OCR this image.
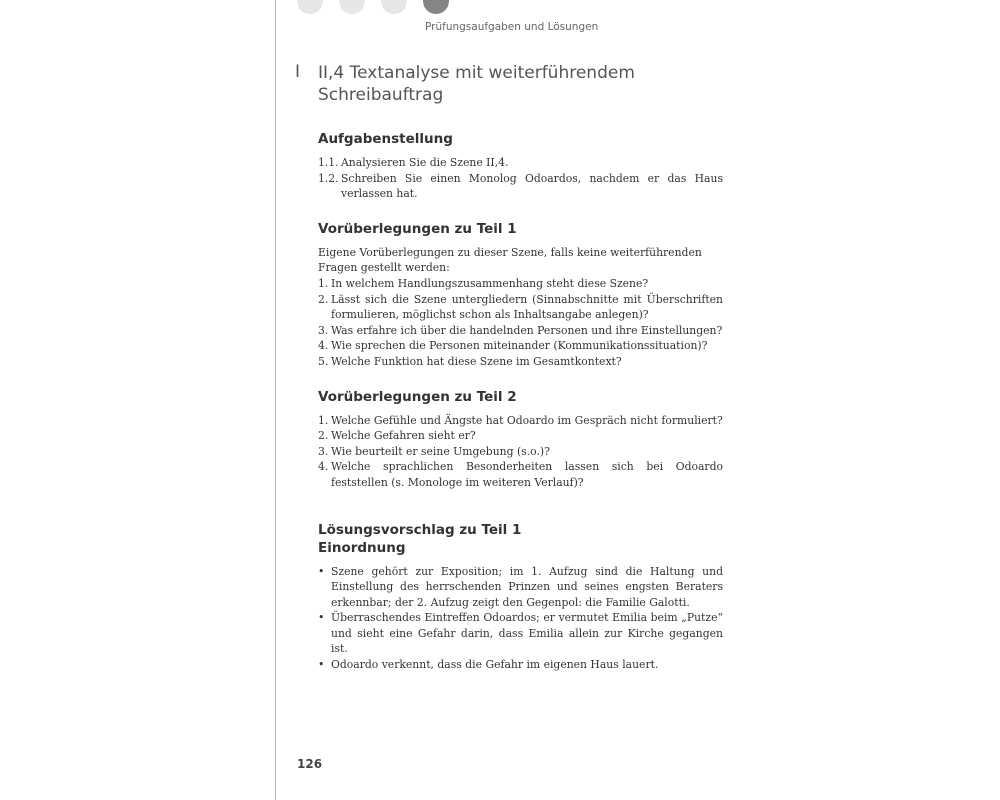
Prüfungsaufgaben und Lösungen
I II,4 Textanalyse mit weiterführendem Schreibauftrag
Aufgabenstellung
1.1. Analysieren Sie die Szene II,4.
1.2. Schreiben Sie einen Monolog Odoardos, nachdem er das Haus verlassen hat.
Vorüberlegungen zu Teil 1

Eigene Vorüberlegungen zu dieser Szene, falls keine weiterführenden Fragen gestellt werden:

1. In welchem Handlungszusammenhang steht diese Szene?
2. Lässt sich die Szene untergliedern (Sinnabschnitte mit Überschriften formulieren, möglichst schon als Inhaltsangabe anlegen)?
3. Was erfahre ich über die handelnden Personen und ihre Einstellungen?
4. Wie sprechen die Personen miteinander (Kommunikationssituation)?
5. Welche Funktion hat diese Szene im Gesamtkontext?
Vorüberlegungen zu Teil 2
1. Welche Gefühle und Ängste hat Odoardo im Gespräch nicht formuliert?
2. Welche Gefahren sieht er?
3. Wie beurteilt er seine Umgebung (s.o.)?
4. Welche sprachlichen Besonderheiten lassen sich bei Odoardo feststellen (s. Monologe im weiteren Verlauf)?
Lösungsvorschlag zu Teil 1
Einordnung
• Szene gehört zur Exposition; im 1. Aufzug sind die Haltung und Einstellung des herrschenden Prinzen und seines engsten Beraters erkennbar; der 2. Aufzug zeigt den Gegenpol: die Familie Galotti.
• Überraschendes Eintreffen Odoardos; er vermutet Emilia beim „Putze“ und sieht eine Gefahr darin, dass Emilia allein zur Kirche gegangen ist.
• Odoardo verkennt, dass die Gefahr im eigenen Haus lauert.
126
